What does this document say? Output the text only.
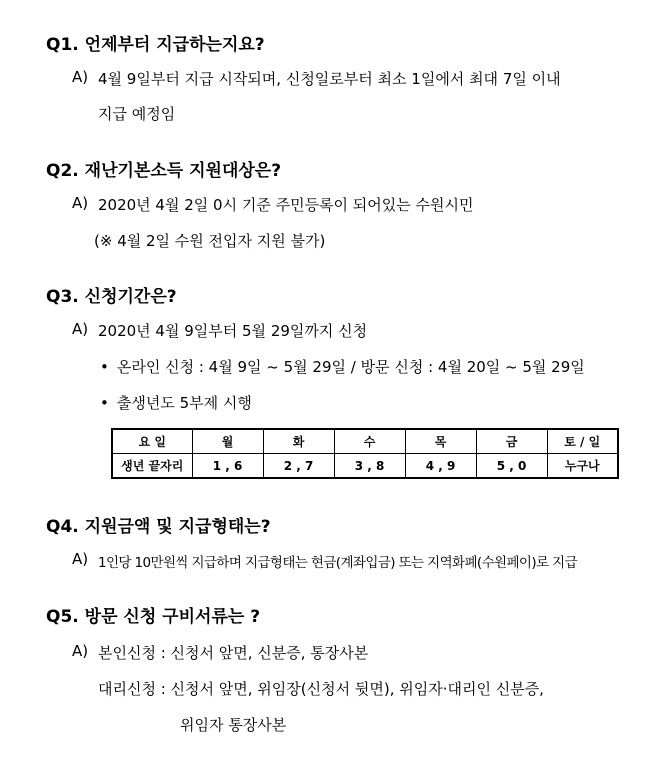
Q1. 언제부터 지급하는지요?
A) 4월 9일부터 지급 시작되며, 신청일로부터 최소 1일에서 최대 7일 이내
지급 예정임
Q2. 재난기본소득 지원대상은?
A) 2020년 4월 2일 0시 기준 주민등록이 되어있는 수원시민
(※ 4월 2일 수원 전입자 지원 불가)
Q3. 신청기간은?
A) 2020년 4월 9일부터 5월 29일까지 신청
• 온라인 신청 : 4월 9일 ~ 5월 29일 / 방문 신청 : 4월 20일 ~ 5월 29일
• 출생년도 5부제 시행
요 일	월	화	수	목	금	토 / 일
생년 끝자리	1 , 6	2 , 7	3 , 8	4 , 9	5 , 0	누구나
Q4. 지원금액 및 지급형태는?
A) 1인당 10만원씩 지급하며 지급형태는 현금(계좌입금) 또는 지역화폐(수원페이)로 지급
Q5. 방문 신청 구비서류는 ?
A) 본인신청 : 신청서 앞면, 신분증, 통장사본
대리신청 : 신청서 앞면, 위임장(신청서 뒷면), 위임자·대리인 신분증,
위임자 통장사본
